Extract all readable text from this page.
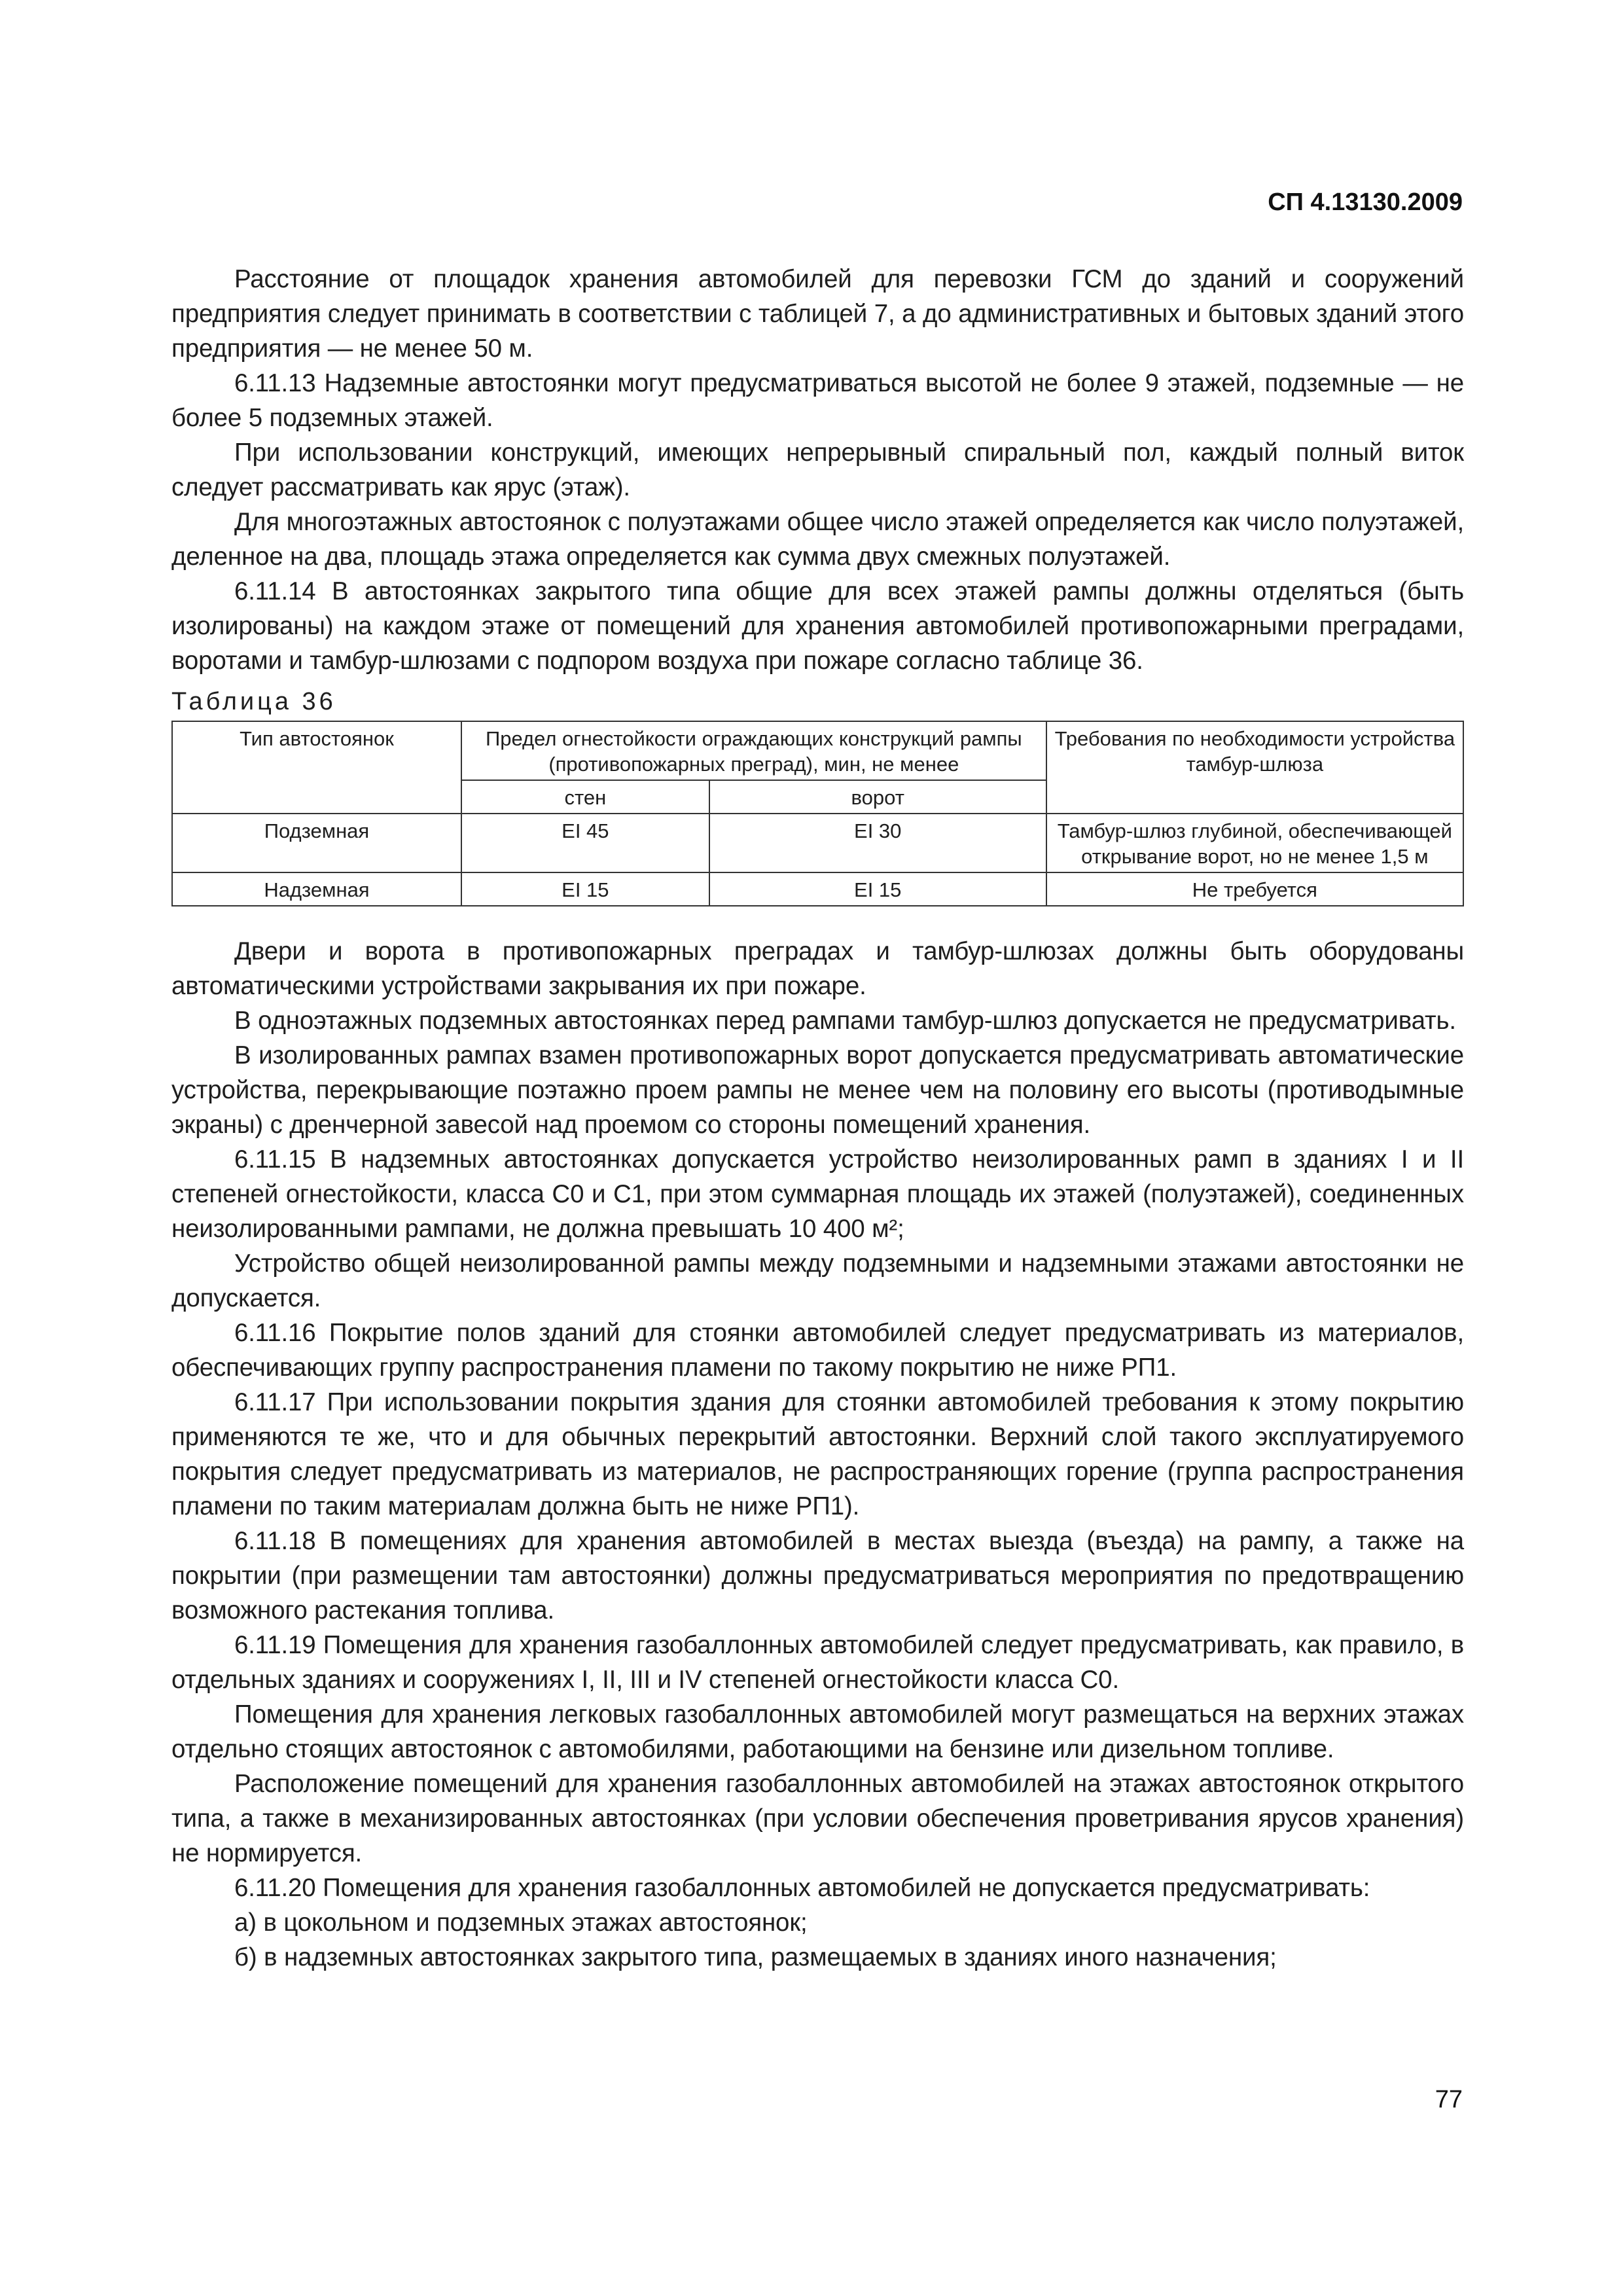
СП 4.13130.2009

Расстояние от площадок хранения автомобилей для перевозки ГСМ до зданий и сооружений предприятия следует принимать в соответствии с таблицей 7, а до административных и бытовых зданий этого предприятия — не менее 50 м.

6.11.13 Надземные автостоянки могут предусматриваться высотой не более 9 этажей, подземные — не более 5 подземных этажей.

При использовании конструкций, имеющих непрерывный спиральный пол, каждый полный виток следует рассматривать как ярус (этаж).

Для многоэтажных автостоянок с полуэтажами общее число этажей определяется как число полуэтажей, деленное на два, площадь этажа определяется как сумма двух смежных полуэтажей.

6.11.14 В автостоянках закрытого типа общие для всех этажей рампы должны отделяться (быть изолированы) на каждом этаже от помещений для хранения автомобилей противопожарными преградами, воротами и тамбур-шлюзами с подпором воздуха при пожаре согласно таблице 36.

Таблица 36
Тип автостоянок	Предел огнестойкости ограждающих конструкций рампы (противопожарных преград), мин, не менее		Требования по необходимости устройства тамбур-шлюза
	стен	ворот	
Подземная	EI 45	EI 30	Тамбур-шлюз глубиной, обеспечивающей открывание ворот, но не менее 1,5 м
Надземная	EI 15	EI 15	Не требуется

Двери и ворота в противопожарных преградах и тамбур-шлюзах должны быть оборудованы автоматическими устройствами закрывания их при пожаре.

В одноэтажных подземных автостоянках перед рампами тамбур-шлюз допускается не предусматривать.

В изолированных рампах взамен противопожарных ворот допускается предусматривать автоматические устройства, перекрывающие поэтажно проем рампы не менее чем на половину его высоты (противодымные экраны) с дренчерной завесой над проемом со стороны помещений хранения.

6.11.15 В надземных автостоянках допускается устройство неизолированных рамп в зданиях I и II степеней огнестойкости, класса С0 и С1, при этом суммарная площадь их этажей (полуэтажей), соединенных неизолированными рампами, не должна превышать 10 400 м²;

Устройство общей неизолированной рампы между подземными и надземными этажами автостоянки не допускается.

6.11.16 Покрытие полов зданий для стоянки автомобилей следует предусматривать из материалов, обеспечивающих группу распространения пламени по такому покрытию не ниже РП1.

6.11.17 При использовании покрытия здания для стоянки автомобилей требования к этому покрытию применяются те же, что и для обычных перекрытий автостоянки. Верхний слой такого эксплуатируемого покрытия следует предусматривать из материалов, не распространяющих горение (группа распространения пламени по таким материалам должна быть не ниже РП1).

6.11.18 В помещениях для хранения автомобилей в местах выезда (въезда) на рампу, а также на покрытии (при размещении там автостоянки) должны предусматриваться мероприятия по предотвращению возможного растекания топлива.

6.11.19 Помещения для хранения газобаллонных автомобилей следует предусматривать, как правило, в отдельных зданиях и сооружениях I, II, III и IV степеней огнестойкости класса С0.

Помещения для хранения легковых газобаллонных автомобилей могут размещаться на верхних этажах отдельно стоящих автостоянок с автомобилями, работающими на бензине или дизельном топливе.

Расположение помещений для хранения газобаллонных автомобилей на этажах автостоянок открытого типа, а также в механизированных автостоянках (при условии обеспечения проветривания ярусов хранения) не нормируется.

6.11.20 Помещения для хранения газобаллонных автомобилей не допускается предусматривать:

а) в цокольном и подземных этажах автостоянок;

б) в надземных автостоянках закрытого типа, размещаемых в зданиях иного назначения;

77
